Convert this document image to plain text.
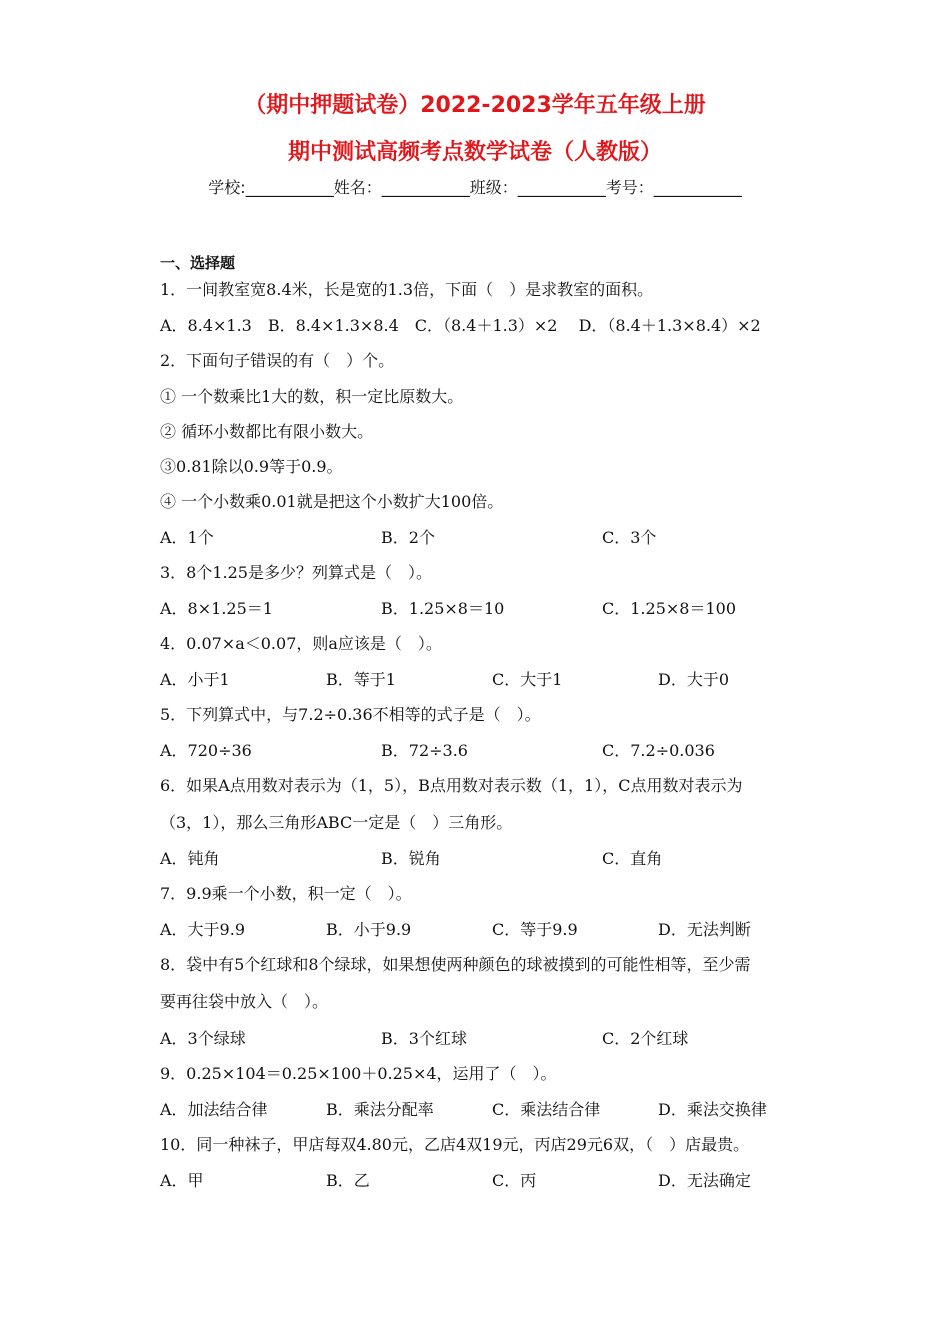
（期中押题试卷）2022-2023学年五年级上册
期中测试高频考点数学试卷（人教版）
学校:___________姓名：___________班级：___________考号：___________
一、选择题
1．一间教室宽8.4米，长是宽的1.3倍，下面（　）是求教室的面积。
A．8.4×1.3　B．8.4×1.3×8.4　C．（8.4＋1.3）×2　 D．（8.4＋1.3×8.4）×2
2．下面句子错误的有（　）个。
① 一个数乘比1大的数，积一定比原数大。
② 循环小数都比有限小数大。
③0.81除以0.9等于0.9。
④ 一个小数乘0.01就是把这个小数扩大100倍。
A．1个	B．2个	C．3个
3．8个1.25是多少？列算式是（　）。
A．8×1.25＝1	B．1.25×8＝10	C．1.25×8＝100
4．0.07×a＜0.07，则a应该是（　）。
A．小于1	B．等于1	C．大于1	D．大于0
5．下列算式中，与7.2÷0.36不相等的式子是（　）。
A．720÷36	B．72÷3.6	C．7.2÷0.036
6．如果A点用数对表示为（1，5），B点用数对表示数（1，1），C点用数对表示为
（3，1），那么三角形ABC一定是（　）三角形。
A．钝角	B．锐角	C．直角
7．9.9乘一个小数，积一定（　）。
A．大于9.9	B．小于9.9	C．等于9.9	D．无法判断
8．袋中有5个红球和8个绿球，如果想使两种颜色的球被摸到的可能性相等，至少需
要再往袋中放入（　）。
A．3个绿球	B．3个红球	C．2个红球
9．0.25×104＝0.25×100＋0.25×4，运用了（　）。
A．加法结合律	B．乘法分配率	C．乘法结合律	D．乘法交换律
10．同一种袜子，甲店每双4.80元，乙店4双19元，丙店29元6双，（　）店最贵。
A．甲	B．乙	C．丙	D．无法确定
